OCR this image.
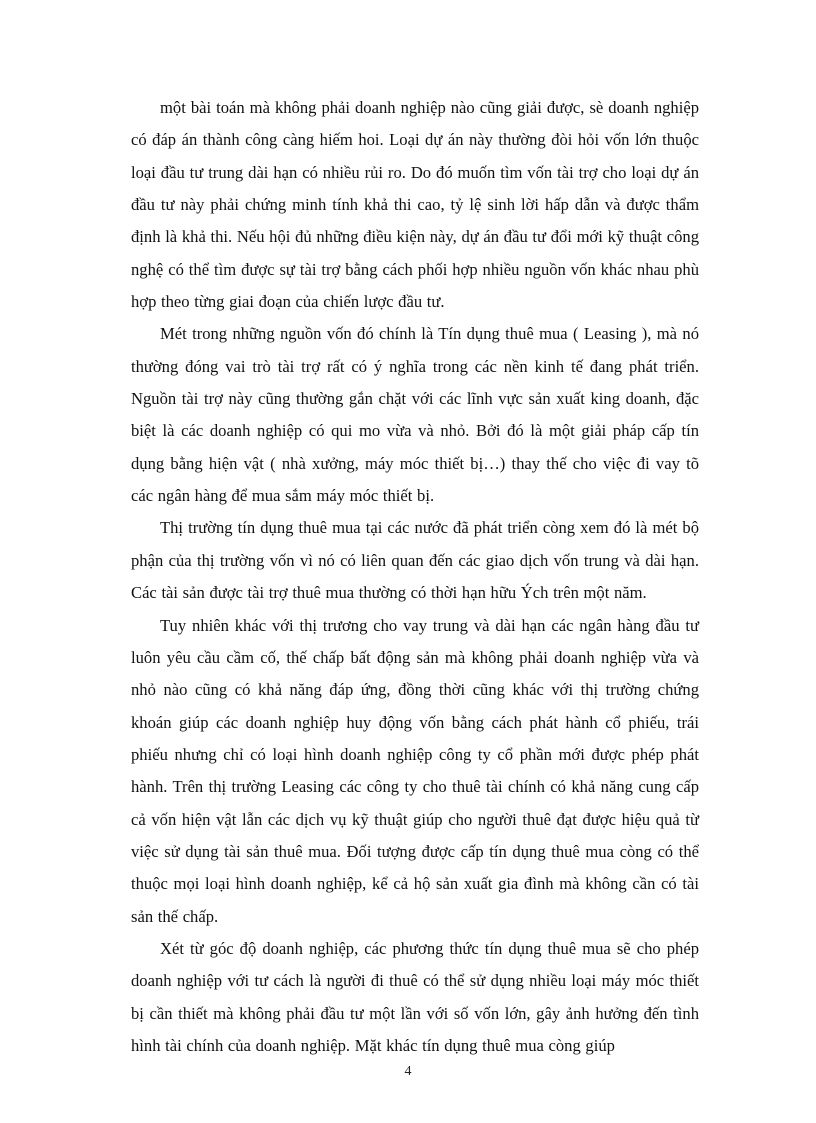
một bài toán mà không phải doanh nghiệp nào cũng giải được, sè doanh nghiệp có đáp án thành công càng hiếm hoi. Loại dự án này thường đòi hỏi vốn lớn thuộc loại đầu tư trung dài hạn có nhiều rủi ro. Do đó muốn tìm vốn tài trợ cho loại dự án đầu tư này phải chứng minh tính khả thi cao, tỷ lệ sinh lời hấp dẫn và được thẩm định là khả thi. Nếu hội đủ những điều kiện này, dự án đầu tư đổi mới kỹ thuật công nghệ có thể tìm được sự tài trợ bằng cách phối hợp nhiều nguồn vốn khác nhau phù hợp theo từng giai đoạn của chiến lược đầu tư.

Mét trong những nguồn vốn đó chính là Tín dụng thuê mua ( Leasing ), mà nó thường đóng vai trò tài trợ rất có ý nghĩa trong các nền kinh tế đang phát triển. Nguồn tài trợ này cũng thường gắn chặt với các lĩnh vực sản xuất king doanh, đặc biệt là các doanh nghiệp có qui mo vừa và nhỏ. Bởi đó là một giải pháp cấp tín dụng bằng hiện vật ( nhà xưởng, máy móc thiết bị…) thay thế cho việc đi vay tõ các ngân hàng để mua sắm máy móc thiết bị.

Thị trường tín dụng thuê mua tại các nước đã phát triển còng xem đó là mét bộ phận của thị trường vốn vì nó có liên quan đến các giao dịch vốn trung và dài hạn. Các tài sản được tài trợ thuê mua thường có thời hạn hữu Ých trên một năm.

Tuy nhiên khác với thị trương cho vay trung và dài hạn các ngân hàng đầu tư luôn yêu cầu cầm cố, thế chấp bất động sản mà không phải doanh nghiệp vừa và nhỏ nào cũng có khả năng đáp ứng, đồng thời cũng khác với thị trường chứng khoán giúp các doanh nghiệp huy động vốn bằng cách phát hành cổ phiếu, trái phiếu nhưng chỉ có loại hình doanh nghiệp công ty cổ phần mới được phép phát hành. Trên thị trường Leasing các công ty cho thuê tài chính có khả năng cung cấp cả vốn hiện vật lẫn các dịch vụ kỹ thuật giúp cho người thuê đạt được hiệu quả từ việc sử dụng tài sản thuê mua. Đối tượng được cấp tín dụng thuê mua còng có thể thuộc mọi loại hình doanh nghiệp, kể cả hộ sản xuất gia đình mà không cần có tài sản thế chấp.

Xét từ góc độ doanh nghiệp, các phương thức tín dụng thuê mua sẽ cho phép doanh nghiệp với tư cách là người đi thuê có thể sử dụng nhiều loại máy móc thiết bị cần thiết mà không phải đầu tư một lần với số vốn lớn, gây ảnh hưởng đến tình hình tài chính của doanh nghiệp. Mặt khác tín dụng thuê mua còng giúp

4
